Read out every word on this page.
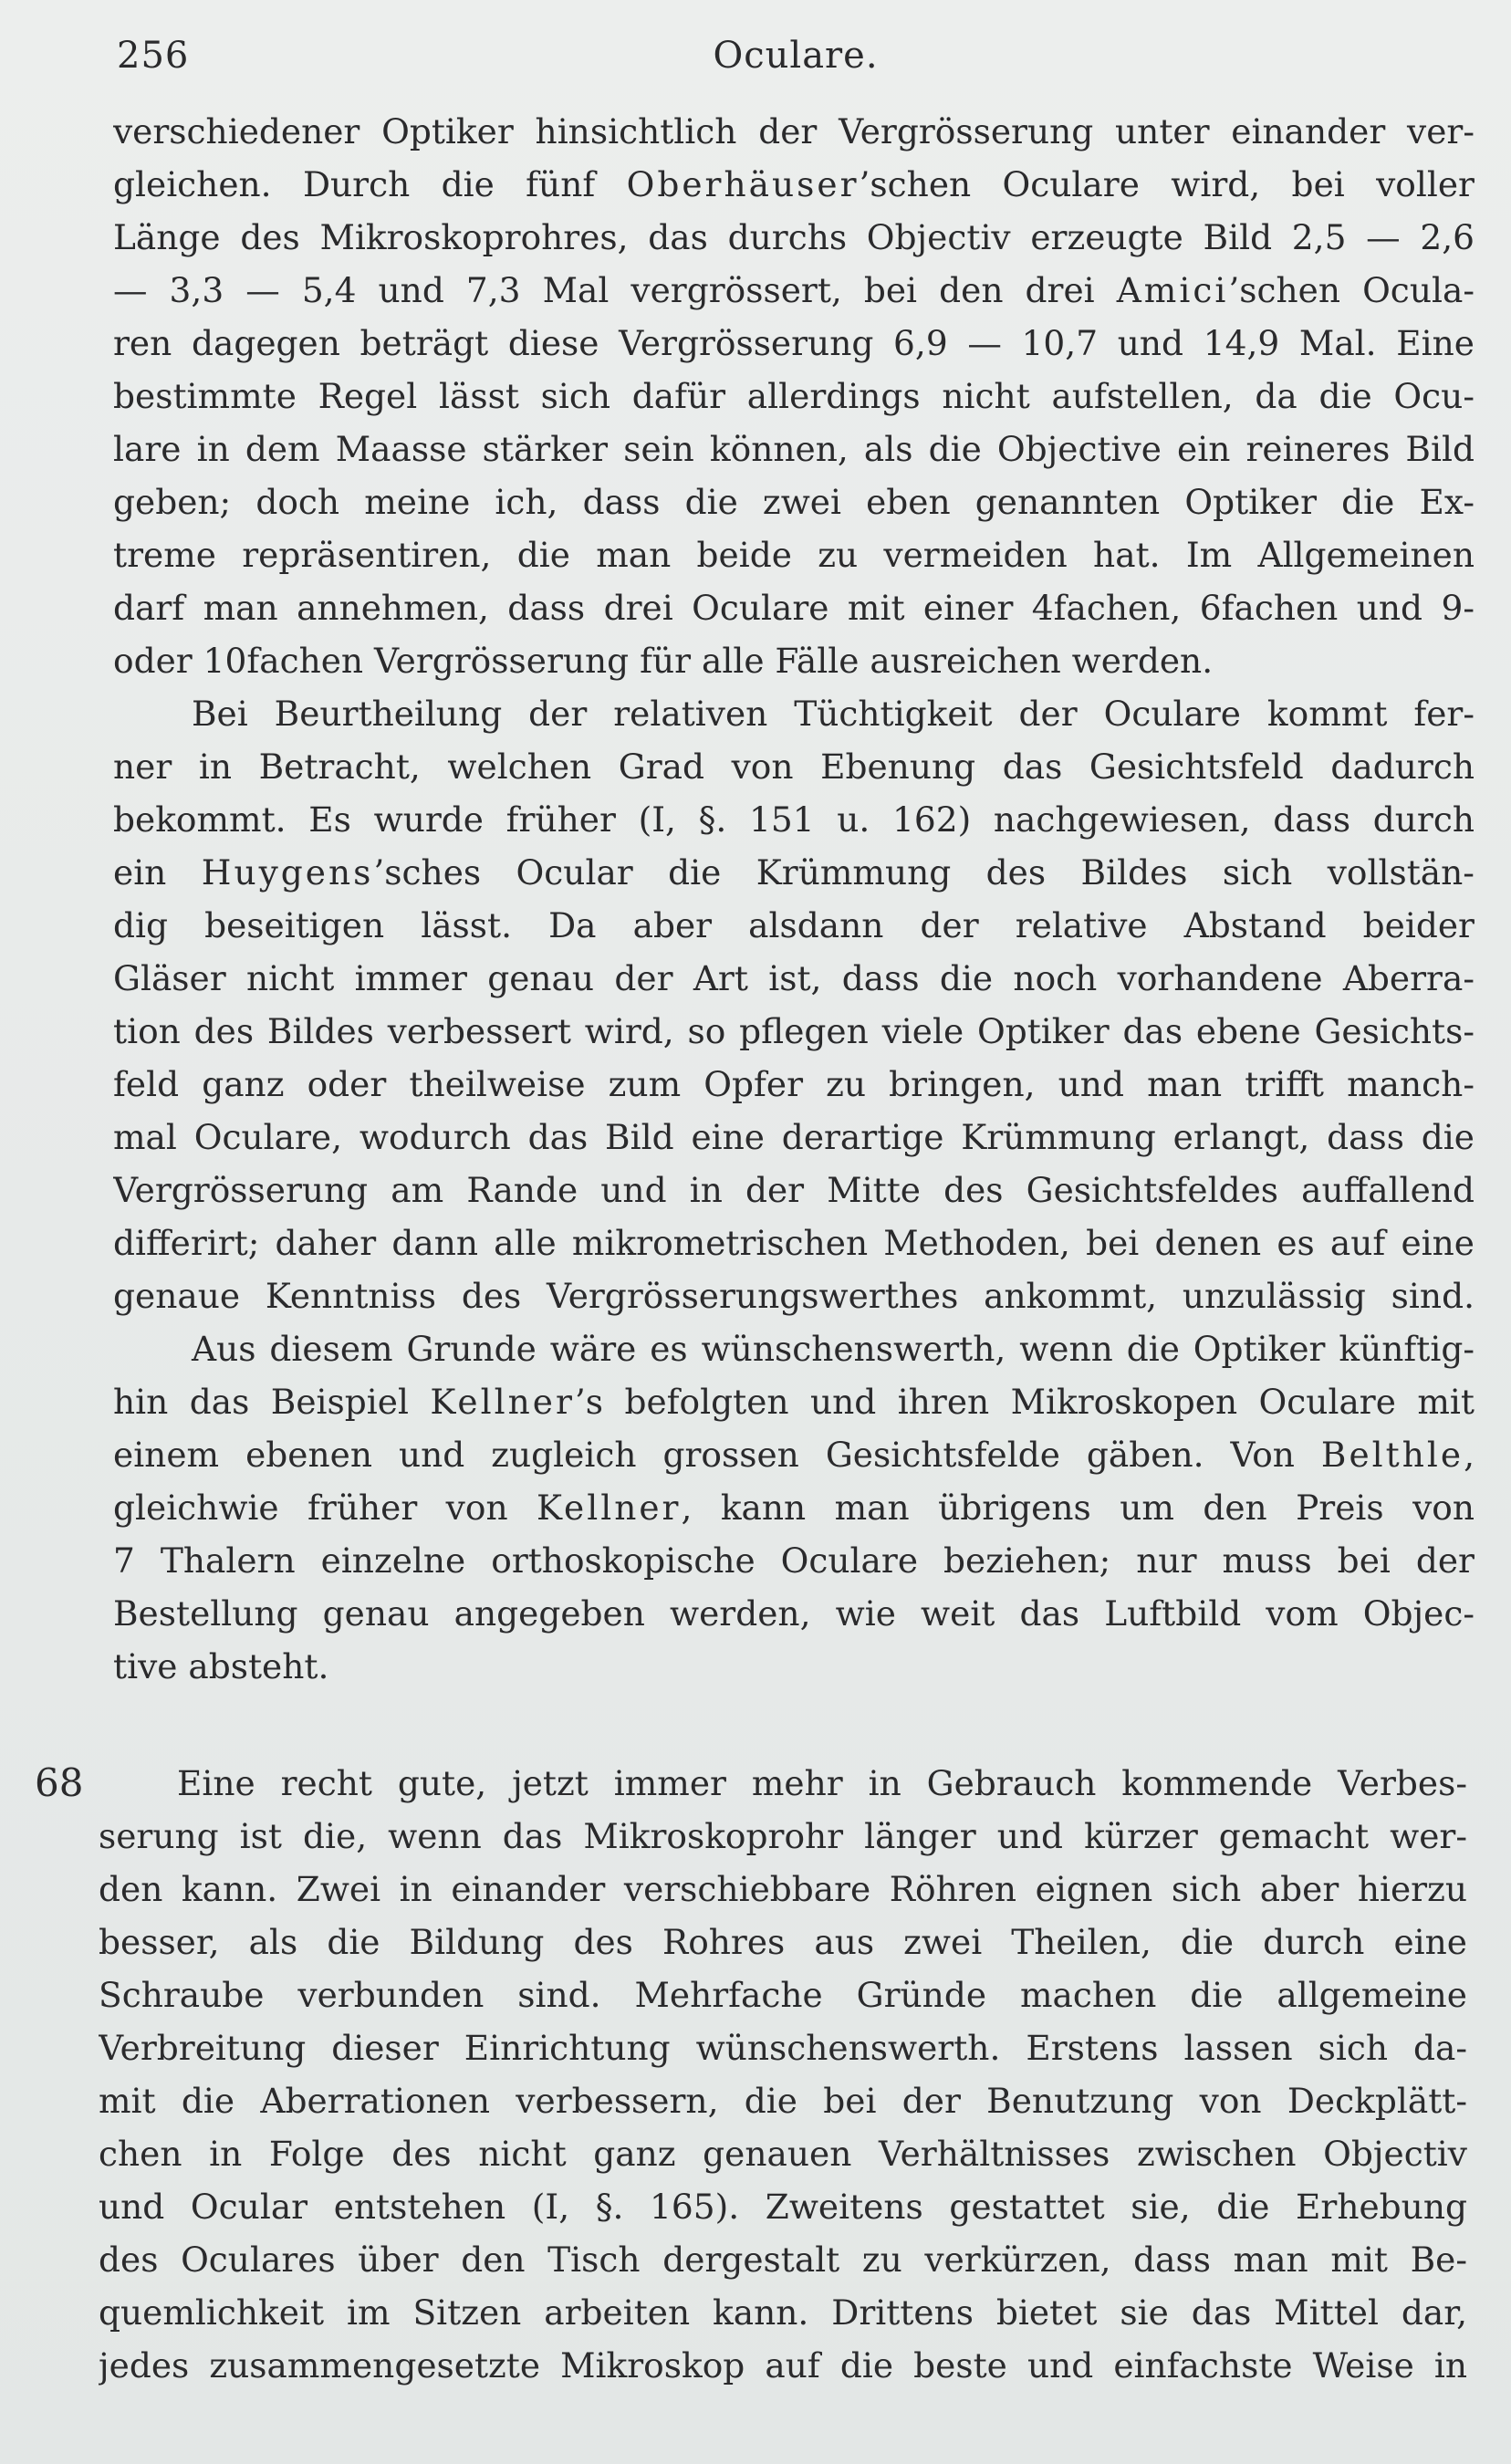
256	Oculare.
verschiedener Optiker hinsichtlich der Vergrösserung unter einander ver-
gleichen. Durch die fünf Oberhäuser’schen Oculare wird, bei voller
Länge des Mikroskoprohres, das durchs Objectiv erzeugte Bild 2,5 — 2,6
— 3,3 — 5,4 und 7,3 Mal vergrössert, bei den drei Amici’schen Ocula-
ren dagegen beträgt diese Vergrösserung 6,9 — 10,7 und 14,9 Mal. Eine
bestimmte Regel lässt sich dafür allerdings nicht aufstellen, da die Ocu-
lare in dem Maasse stärker sein können, als die Objective ein reineres Bild
geben; doch meine ich, dass die zwei eben genannten Optiker die Ex-
treme repräsentiren, die man beide zu vermeiden hat. Im Allgemeinen
darf man annehmen, dass drei Oculare mit einer 4fachen, 6fachen und 9-
oder 10fachen Vergrösserung für alle Fälle ausreichen werden.
Bei Beurtheilung der relativen Tüchtigkeit der Oculare kommt fer-
ner in Betracht, welchen Grad von Ebenung das Gesichtsfeld dadurch
bekommt. Es wurde früher (I, §. 151 u. 162) nachgewiesen, dass durch
ein Huygens’sches Ocular die Krümmung des Bildes sich vollstän-
dig beseitigen lässt. Da aber alsdann der relative Abstand beider
Gläser nicht immer genau der Art ist, dass die noch vorhandene Aberra-
tion des Bildes verbessert wird, so pflegen viele Optiker das ebene Gesichts-
feld ganz oder theilweise zum Opfer zu bringen, und man trifft manch-
mal Oculare, wodurch das Bild eine derartige Krümmung erlangt, dass die
Vergrösserung am Rande und in der Mitte des Gesichtsfeldes auffallend
differirt; daher dann alle mikrometrischen Methoden, bei denen es auf eine
genaue Kenntniss des Vergrösserungswerthes ankommt, unzulässig sind.
Aus diesem Grunde wäre es wünschenswerth, wenn die Optiker künftig-
hin das Beispiel Kellner’s befolgten und ihren Mikroskopen Oculare mit
einem ebenen und zugleich grossen Gesichtsfelde gäben. Von Belthle,
gleichwie früher von Kellner, kann man übrigens um den Preis von
7 Thalern einzelne orthoskopische Oculare beziehen; nur muss bei der
Bestellung genau angegeben werden, wie weit das Luftbild vom Objec-
tive absteht.
68	Eine recht gute, jetzt immer mehr in Gebrauch kommende Verbes-
serung ist die, wenn das Mikroskoprohr länger und kürzer gemacht wer-
den kann. Zwei in einander verschiebbare Röhren eignen sich aber hierzu
besser, als die Bildung des Rohres aus zwei Theilen, die durch eine
Schraube verbunden sind. Mehrfache Gründe machen die allgemeine
Verbreitung dieser Einrichtung wünschenswerth. Erstens lassen sich da-
mit die Aberrationen verbessern, die bei der Benutzung von Deckplätt-
chen in Folge des nicht ganz genauen Verhältnisses zwischen Objectiv
und Ocular entstehen (I, §. 165). Zweitens gestattet sie, die Erhebung
des Oculares über den Tisch dergestalt zu verkürzen, dass man mit Be-
quemlichkeit im Sitzen arbeiten kann. Drittens bietet sie das Mittel dar,
jedes zusammengesetzte Mikroskop auf die beste und einfachste Weise in
